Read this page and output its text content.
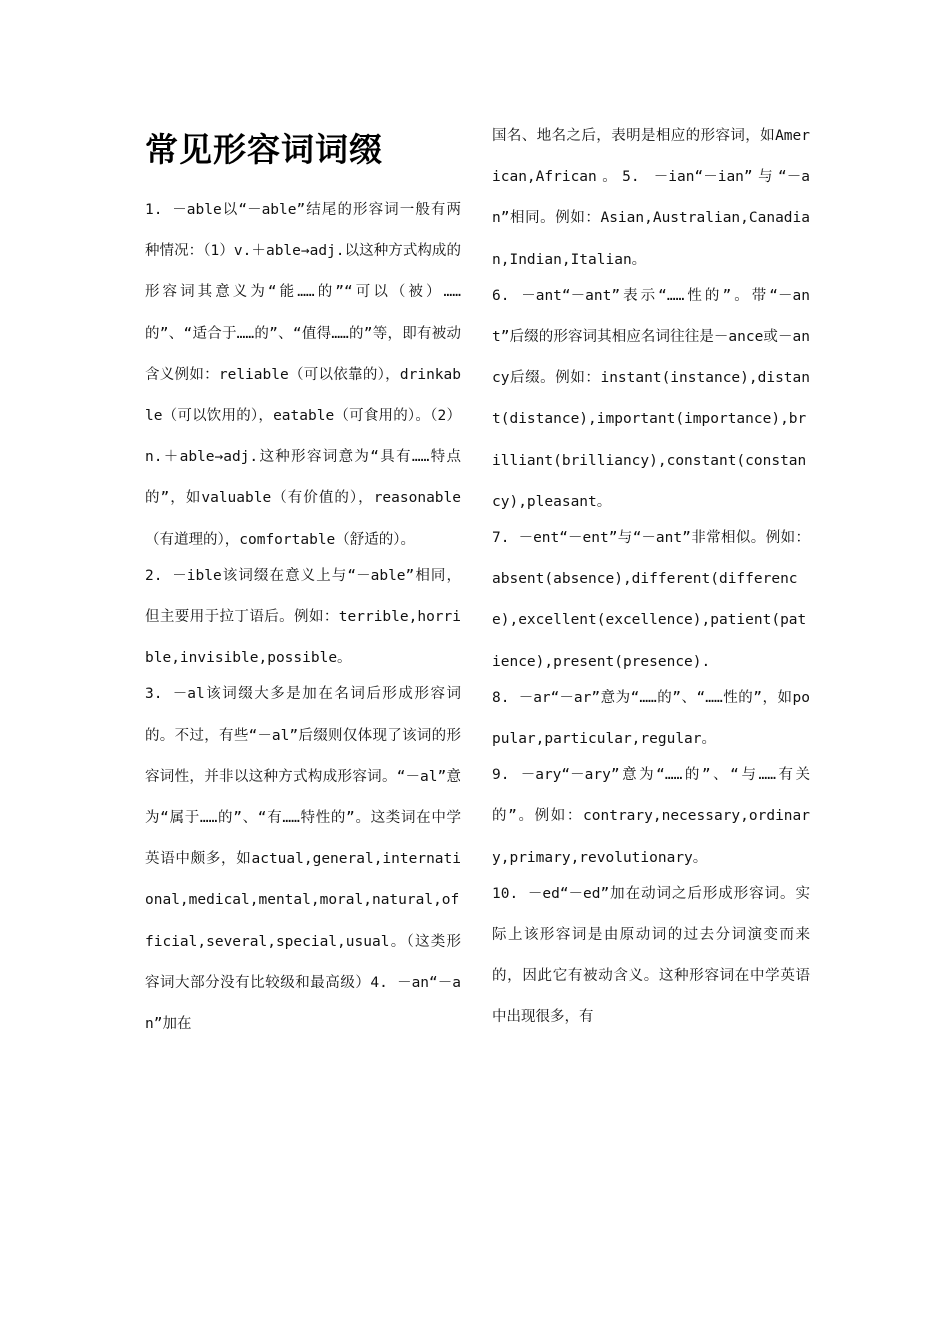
常见形容词词缀

1. －able以“－able”结尾的形容词一般有两种情况：（1）v.＋able→adj.以这种方式构成的形容词其意义为“能……的”“可以（被）……的”、“适合于……的”、“值得……的”等，即有被动含义例如：reliable（可以依靠的），drinkable（可以饮用的），eatable（可食用的）。（2）n.＋able→adj.这种形容词意为“具有……特点的”，如valuable（有价值的），reasonable（有道理的），comfortable（舒适的）。

2. －ible该词缀在意义上与“－able”相同，但主要用于拉丁语后。例如：terrible,horrible,invisible,possible。

3. －al该词缀大多是加在名词后形成形容词的。不过，有些“－al”后缀则仅体现了该词的形容词性，并非以这种方式构成形容词。“－al”意为“属于……的”、“有……特性的”。这类词在中学英语中颇多，如actual,general,international,medical,mental,moral,natural,official,several,special,usual。（这类形容词大部分没有比较级和最高级）4. －an“－an”加在

国名、地名之后，表明是相应的形容词，如American,African。5. －ian“－ian”与“－an”相同。例如：Asian,Australian,Canadian,Indian,Italian。

6. －ant“－ant”表示“……性的”。带“－ant”后缀的形容词其相应名词往往是－ance或－ancy后缀。例如：instant(instance),distant(distance),important(importance),brilliant(brilliancy),constant(constancy),pleasant。

7. －ent“－ent”与“－ant”非常相似。例如：absent(absence),different(difference),excellent(excellence),patient(patience),present(presence).

8. －ar“－ar”意为“……的”、“……性的”，如popular,particular,regular。

9. －ary“－ary”意为“……的”、“与……有关的”。例如：contrary,necessary,ordinary,primary,revolutionary。

10. －ed“－ed”加在动词之后形成形容词。实际上该形容词是由原动词的过去分词演变而来的，因此它有被动含义。这种形容词在中学英语中出现很多，有
